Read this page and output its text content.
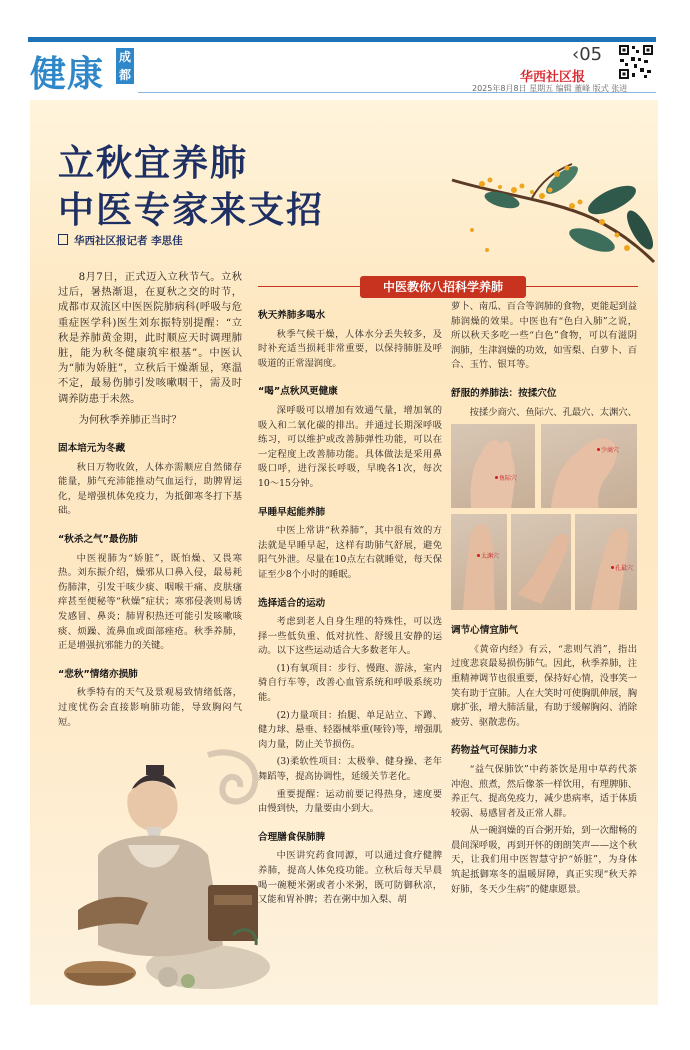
健康 成都
‹05
华西社区报
2025年8月8日 星期五 编辑 董峰 版式 张进
立秋宜养肺
中医专家来支招
华西社区报记者 李思佳

8月7日，正式迈入立秋节气。立秋过后，暑热渐退，在夏秋之交的时节，成都市双流区中医医院肺病科(呼吸与危重症医学科)医生刘东振特别提醒：“立秋是养肺黄金期，此时顺应天时调理肺脏，能为秋冬健康筑牢根基”。中医认为“肺为娇脏”，立秋后干燥渐显，寒温不定，最易伤肺引发咳嗽咽干，需及时调养防患于未然。

为何秋季养肺正当时？

固本培元为冬藏

秋日万物收敛，人体亦需顺应自然储存能量，肺气充沛能推动气血运行，助脾胃运化，是增强机体免疫力，为抵御寒冬打下基础。

“秋杀之气”最伤肺

中医视肺为“娇脏”，既怕燥、又畏寒热。刘东振介绍，燥邪从口鼻入侵，最易耗伤肺津，引发干咳少痰、咽喉干痛、皮肤瘙痒甚至便秘等“秋燥”症状；寒邪侵袭则易诱发感冒、鼻炎；肺胃积热还可能引发咳嗽咳痰、烦躁、流鼻血或面部痤疮。秋季养肺，正是增强抗邪能力的关键。

“悲秋”情绪亦损肺

秋季特有的天气及景观易致情绪低落，过度忧伤会直接影响肺功能，导致胸闷气短。

中医教你八招科学养肺
秋天养肺多喝水

秋季气候干燥，人体水分丢失较多，及时补充适当损耗非常重要，以保持肺脏及呼吸道的正常湿润度。

“喝”点秋风更健康

深呼吸可以增加有效通气量，增加氧的吸入和二氧化碳的排出。并通过长期深呼吸练习，可以维护或改善肺弹性功能，可以在一定程度上改善肺功能。具体做法是采用鼻吸口呼，进行深长呼吸，早晚各1次，每次10～15分钟。

早睡早起能养肺

中医上常讲“秋养肺”，其中很有效的方法就是早睡早起，这样有助肺气舒展，避免阳气外泄。尽量在10点左右就睡觉，每天保证至少8个小时的睡眠。

选择适合的运动

考虑到老人自身生理的特殊性，可以选择一些低负重、低对抗性、舒缓且安静的运动。以下这些运动适合大多数老年人。

(1)有氧项目：步行、慢跑、游泳，室内骑自行车等，改善心血管系统和呼吸系统功能。

(2)力量项目：抬腿、单足站立、下蹲、健力球、悬垂、轻器械举重(哑铃)等，增强肌肉力量，防止关节损伤。

(3)柔软性项目：太极拳、健身操、老年舞蹈等，提高协调性，延缓关节老化。

重要提醒：运动前要记得热身，速度要由慢到快，力量要由小到大。

合理膳食保肺脾

中医讲究药食同源，可以通过食疗健脾养肺，提高人体免疫功能。立秋后每天早晨喝一碗粳米粥或者小米粥，既可防御秋凉，又能和胃补脾；若在粥中加入梨、胡

萝卜、南瓜、百合等润肺的食物，更能起到益肺润燥的效果。中医也有“色白入肺”之说，所以秋天多吃一些“白色”食物，可以有滋阴润肺，生津润燥的功效，如雪梨、白萝卜、百合、玉竹、银耳等。

舒服的养肺法：按揉穴位

按揉少商穴、鱼际穴、孔最穴、太渊穴、

鱼际穴
少商穴
太渊穴
孔最穴
调节心情宜肺气

《黄帝内经》有云，“悲则气消”，指出过度悲哀最易损伤肺气。因此，秋季养肺，注重精神调节也很重要，保持好心情，没事笑一笑有助于宣肺。人在大笑时可使胸肌伸展，胸廓扩张，增大肺活量，有助于缓解胸闷、消除疲劳、驱散悲伤。

药物益气可保肺力求

“益气保肺饮”中药茶饮是用中草药代茶冲泡、煎煮，然后像茶一样饮用，有理脾肺、养正气、提高免疫力，减少患病率，适于体质较弱、易感冒者及正常人群。

从一碗润燥的百合粥开始，到一次酣畅的晨间深呼吸，再到开怀的朗朗笑声——这个秋天，让我们用中医智慧守护“娇脏”，为身体筑起抵御寒冬的温暖屏障，真正实现“秋天养好肺，冬天少生病”的健康愿景。
